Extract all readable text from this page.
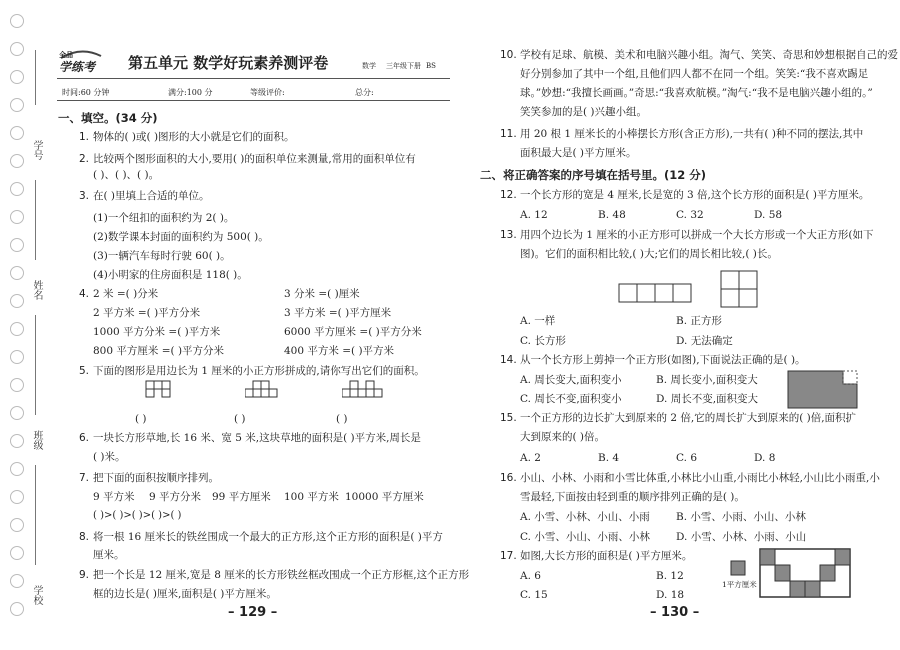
学号
姓名
班级
学校
全品
学练考 第五单元 数学好玩素养测评卷	数学 三年级下册 BS
时间:60 分钟	满分:100 分	等级评价:	总分:
一、填空。(34 分)
1. 物体的( )或( )图形的大小就是它们的面积。
2. 比较两个图形面积的大小,要用( )的面积单位来测量,常用的面积单位有
( )、( )、( )。
3. 在( )里填上合适的单位。
(1)一个纽扣的面积约为 2( )。
(2)数学课本封面的面积约为 500( )。
(3)一辆汽车每时行驶 60( )。
(4)小明家的住房面积是 118( )。
4. 2 米 =( )分米	3 分米 =( )厘米
2 平方米 =( )平方分米	3 平方米 =( )平方厘米
1000 平方分米 =( )平方米	6000 平方厘米 =( )平方分米
800 平方厘米 =( )平方分米	400 平方米 =( )平方米
5. 下面的图形是用边长为 1 厘米的小正方形拼成的,请你写出它们的面积。
( )	( )	( )
6. 一块长方形草地,长 16 米、宽 5 米,这块草地的面积是( )平方米,周长是
( )米。
7. 把下面的面积按顺序排列。
9 平方米 9 平方分米 99 平方厘米 100 平方米 10000 平方厘米
( )>( )>( )>( )>( )
8. 将一根 16 厘米长的铁丝围成一个最大的正方形,这个正方形的面积是( )平方
厘米。
9. 把一个长是 12 厘米,宽是 8 厘米的长方形铁丝框改围成一个正方形框,这个正方形
框的边长是( )厘米,面积是( )平方厘米。
– 129 –
10. 学校有足球、航模、美术和电脑兴趣小组。淘气、笑笑、奇思和妙想根据自己的爱
好分别参加了其中一个组,且他们四人都不在同一个组。笑笑:“我不喜欢踢足
球。”妙想:“我擅长画画。”奇思:“我喜欢航模。”淘气:“我不是电脑兴趣小组的。”
笑笑参加的是( )兴趣小组。
11. 用 20 根 1 厘米长的小棒摆长方形(含正方形),一共有( )种不同的摆法,其中
面积最大是( )平方厘米。
二、将正确答案的序号填在括号里。(12 分)
12. 一个长方形的宽是 4 厘米,长是宽的 3 倍,这个长方形的面积是( )平方厘米。
A. 12	B. 48	C. 32	D. 58
13. 用四个边长为 1 厘米的小正方形可以拼成一个大长方形或一个大正方形(如下
图)。它们的面积相比较,( )大;它们的周长相比较,( )长。
A. 一样	B. 正方形
C. 长方形	D. 无法确定
14. 从一个长方形上剪掉一个正方形(如图),下面说法正确的是( )。
A. 周长变大,面积变小	B. 周长变小,面积变大
C. 周长不变,面积变小	D. 周长不变,面积变大
15. 一个正方形的边长扩大到原来的 2 倍,它的周长扩大到原来的( )倍,面积扩
大到原来的( )倍。
A. 2	B. 4	C. 6	D. 8
16. 小山、小林、小雨和小雪比体重,小林比小山重,小雨比小林轻,小山比小雨重,小
雪最轻,下面按由轻到重的顺序排列正确的是( )。
A. 小雪、小林、小山、小雨 B. 小雪、小雨、小山、小林
C. 小雪、小山、小雨、小林 D. 小雪、小林、小雨、小山
17. 如图,大长方形的面积是( )平方厘米。
A. 6	B. 12
C. 15	D. 18
1平方厘米
– 130 –
